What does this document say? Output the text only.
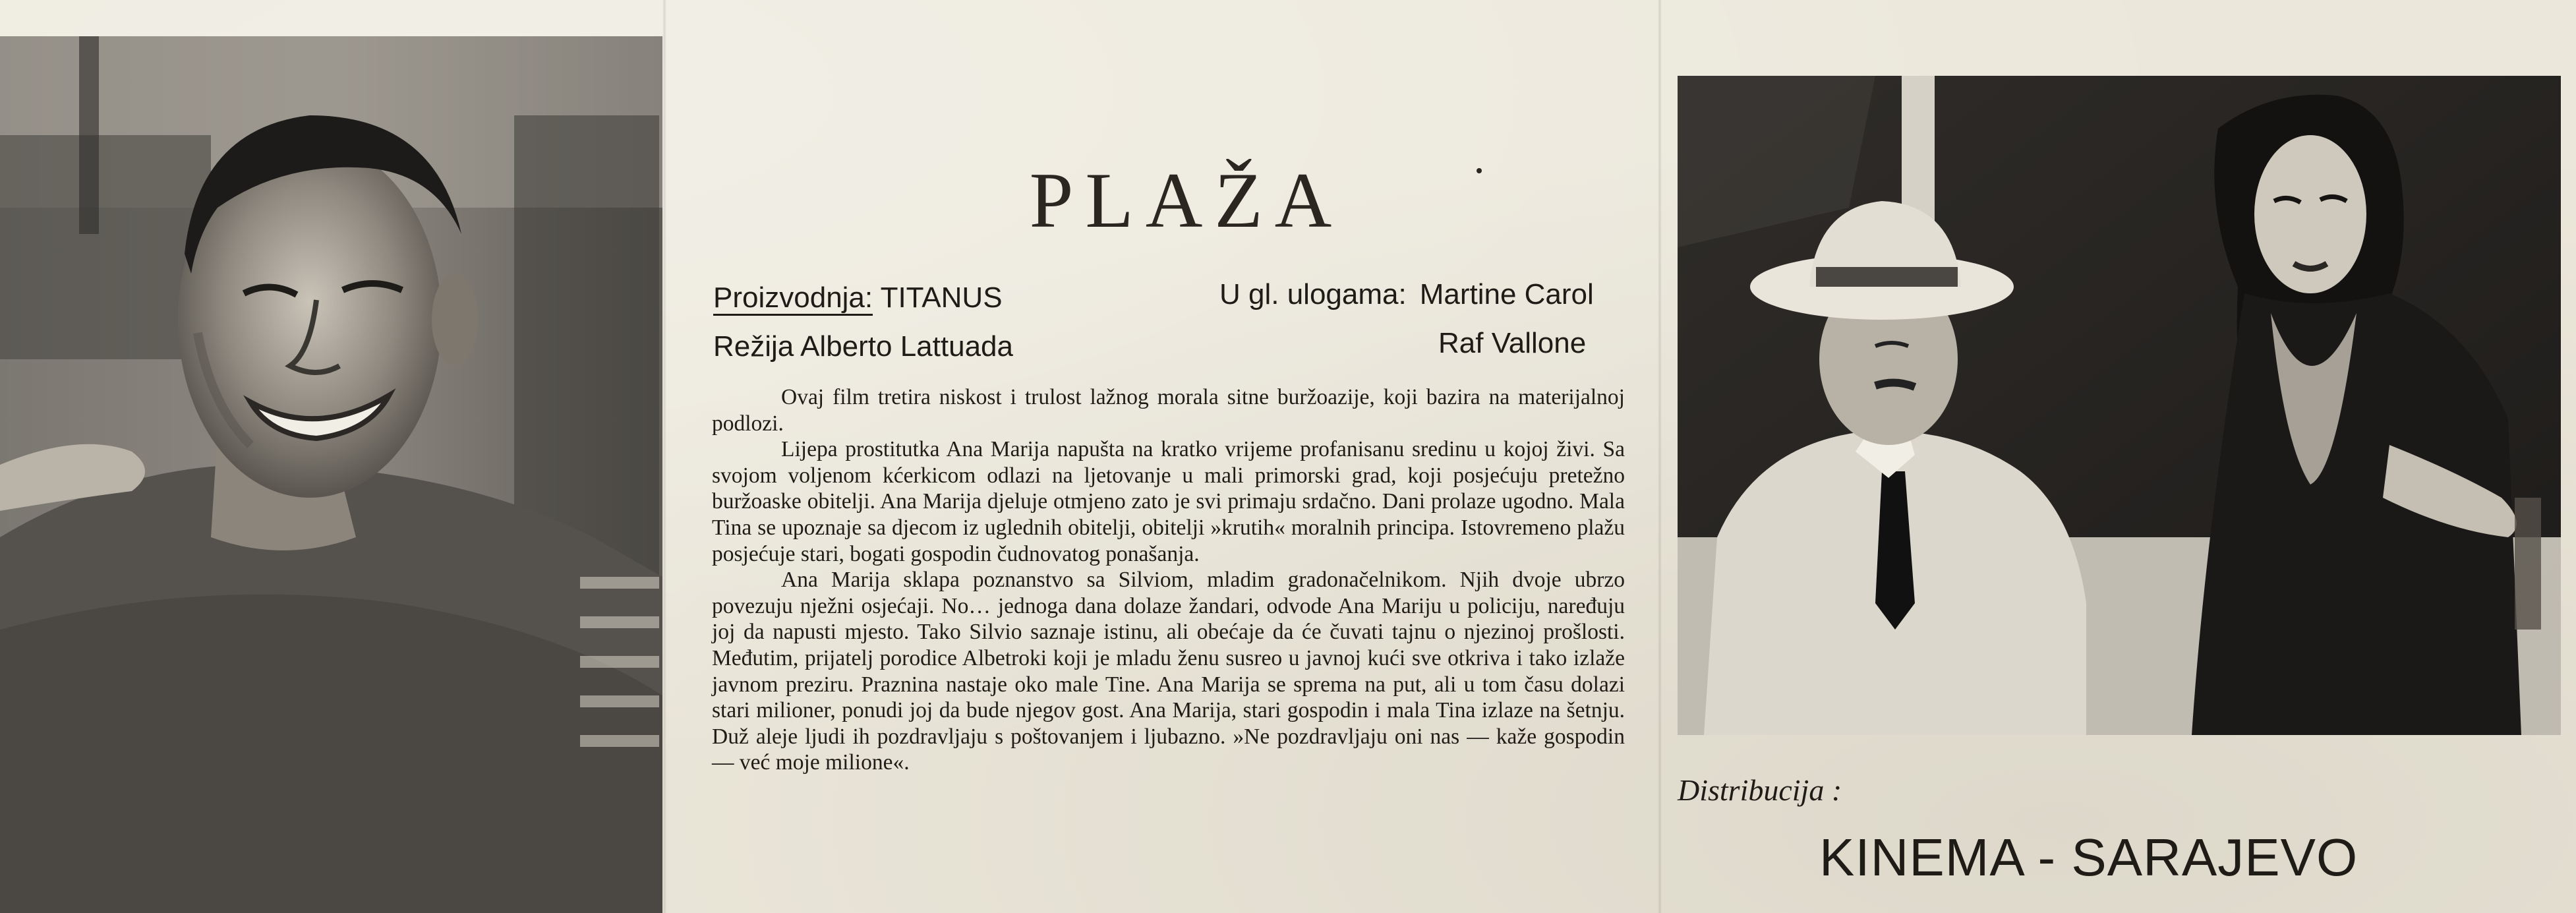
PLAŽA
Proizvodnja: TITANUS
Režija Alberto Lattuada
U gl. ulogama: Martine Carol
Raf Vallone

Ovaj film tretira niskost i trulost lažnog morala sitne buržoazije, koji bazira na materijalnoj podlozi.

Lijepa prostitutka Ana Marija napušta na kratko vrijeme profanisanu sredinu u kojoj živi. Sa svojom voljenom kćerkicom odlazi na ljetovanje u mali primorski grad, koji posjećuju pretežno buržoaske obitelji. Ana Marija djeluje otmjeno zato je svi primaju srdačno. Dani prolaze ugodno. Mala Tina se upoznaje sa djecom iz uglednih obitelji, obitelji »krutih« moralnih principa. Istovremeno plažu posjećuje stari, bogati gospodin čudnovatog ponašanja.

Ana Marija sklapa poznanstvo sa Silviom, mladim gradonačelnikom. Njih dvoje ubrzo povezuju nježni osjećaji. No… jednoga dana dolaze žandari, odvode Ana Mariju u policiju, naređuju joj da napusti mjesto. Tako Silvio saznaje istinu, ali obećaje da će čuvati tajnu o njezinoj prošlosti. Međutim, prijatelj porodice Albetroki koji je mladu ženu susreo u javnoj kući sve otkriva i tako izlaže javnom preziru. Praznina nastaje oko male Tine. Ana Marija se sprema na put, ali u tom času dolazi stari milioner, ponudi joj da bude njegov gost. Ana Marija, stari gospodin i mala Tina izlaze na šetnju. Duž aleje ljudi ih pozdravljaju s poštovanjem i ljubazno. »Ne pozdravljaju oni nas — kaže gospodin — već moje milione«.

Distribucija :
KINEMA - SARAJEVO
